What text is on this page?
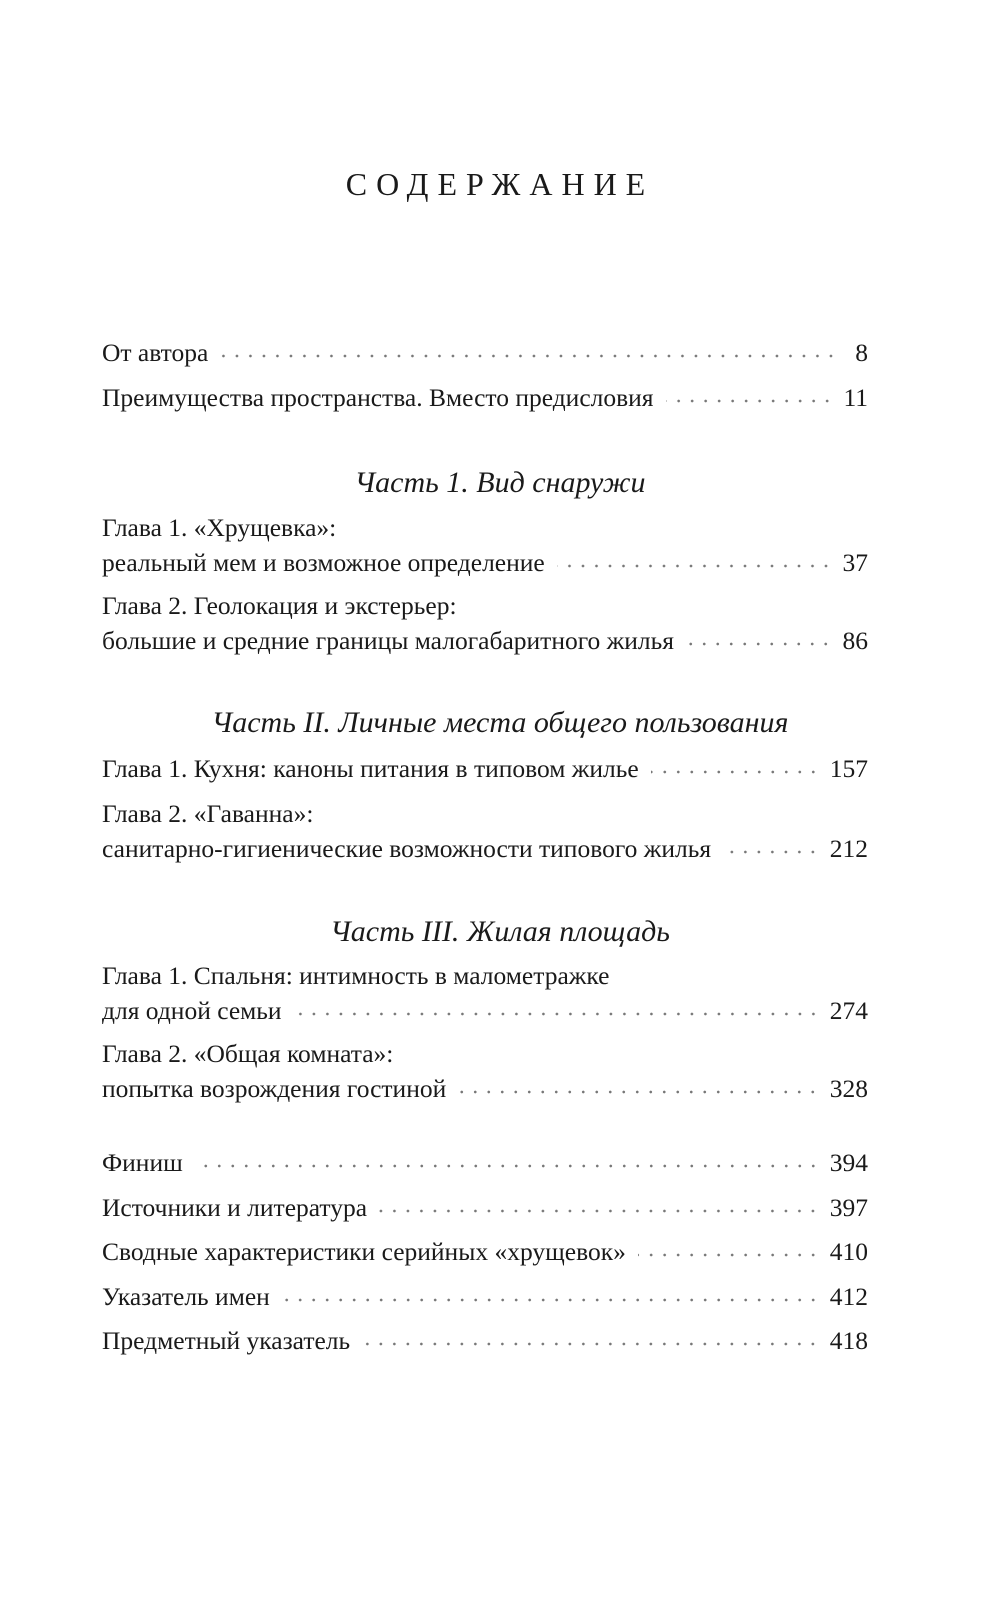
СОДЕРЖАНИЕ
От автора	8
Преимущества пространства. Вместо предисловия	11
Часть 1. Вид снаружи
Глава 1. «Хрущевка»:
реальный мем и возможное определение	37
Глава 2. Геолокация и экстерьер:
большие и средние границы малогабаритного жилья	86
Часть II. Личные места общего пользования
Глава 1. Кухня: каноны питания в типовом жилье	157
Глава 2. «Гаванна»:
санитарно-гигиенические возможности типового жилья	212
Часть III. Жилая площадь
Глава 1. Спальня: интимность в малометражке
для одной семьи	274
Глава 2. «Общая комната»:
попытка возрождения гостиной	328
Финиш	394
Источники и литература	397
Сводные характеристики серийных «хрущевок»	410
Указатель имен	412
Предметный указатель	418
